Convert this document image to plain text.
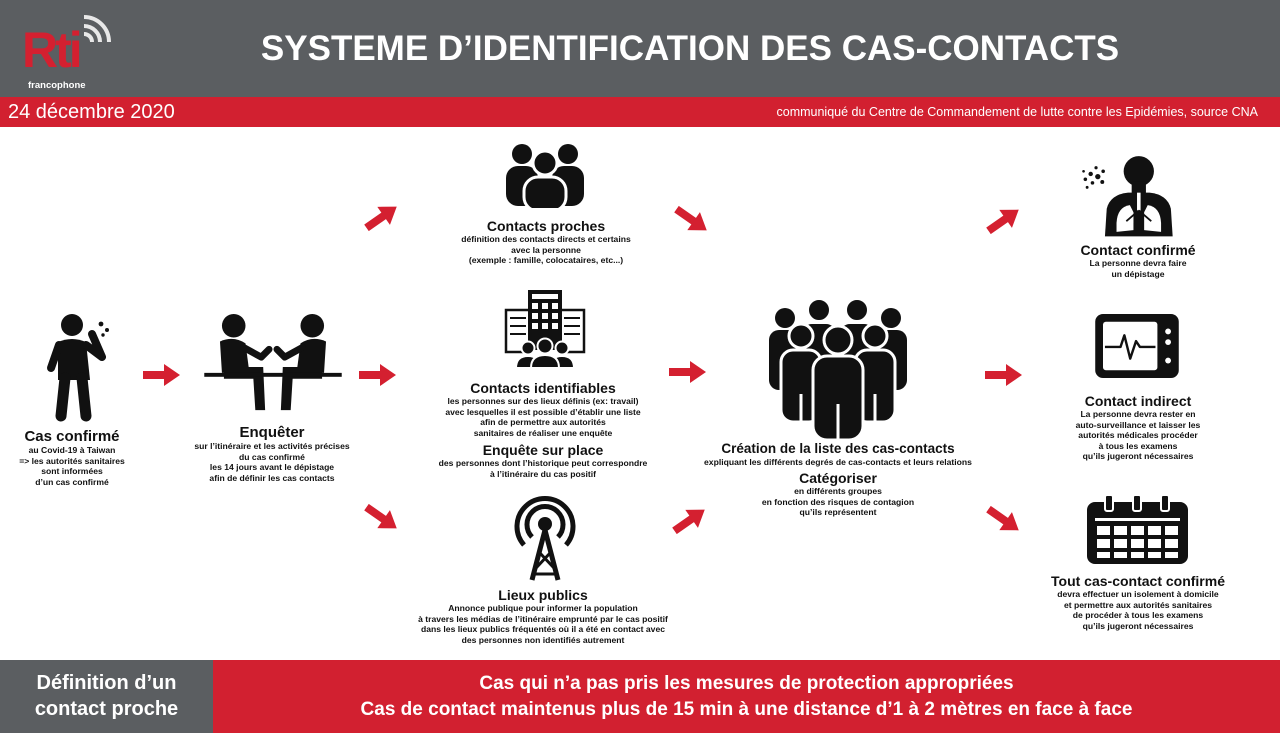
Rti
francophone
SYSTEME D’IDENTIFICATION DES CAS-CONTACTS
24 décembre 2020	communiqué du Centre de Commandement de lutte contre les Epidémies, source CNA
Cas confirmé
au Covid-19 à Taiwan
=> les autorités sanitaires
sont informées
d’un cas confirmé
Enquêter
sur l’itinéraire et les activités précises
du cas confirmé
les 14 jours avant le dépistage
afin de définir les cas contacts
Contacts proches
définition des contacts directs et certains
avec la personne
(exemple : famille, colocataires, etc...)
Contacts identifiables
les personnes sur des lieux définis (ex: travail)
avec lesquelles il est possible d’établir une liste
afin de permettre aux autorités
sanitaires de réaliser une enquête
Enquête sur place
des personnes dont l’historique peut correspondre
à l’itinéraire du cas positif
Lieux publics
Annonce publique pour informer la population
à travers les médias de l’itinéraire emprunté par le cas positif
dans les lieux publics fréquentés où il a été en contact avec
des personnes non identifiés autrement
Création de la liste des cas-contacts
expliquant les différents degrés de cas-contacts et leurs relations
Catégoriser
en différents groupes
en fonction des risques de contagion
qu’ils représentent
Contact confirmé
La personne devra faire
un dépistage
Contact indirect
La personne devra rester en
auto-surveillance et laisser les
autorités médicales procéder
à tous les examens
qu’ils jugeront nécessaires
Tout cas-contact confirmé
devra effectuer un isolement à domicile
et permettre aux autorités sanitaires
de procéder à tous les examens
qu’ils jugeront nécessaires
Définition d’un
contact proche
Cas qui n’a pas pris les mesures de protection appropriées
Cas de contact maintenus plus de 15 min à une distance d’1 à 2 mètres en face à face
